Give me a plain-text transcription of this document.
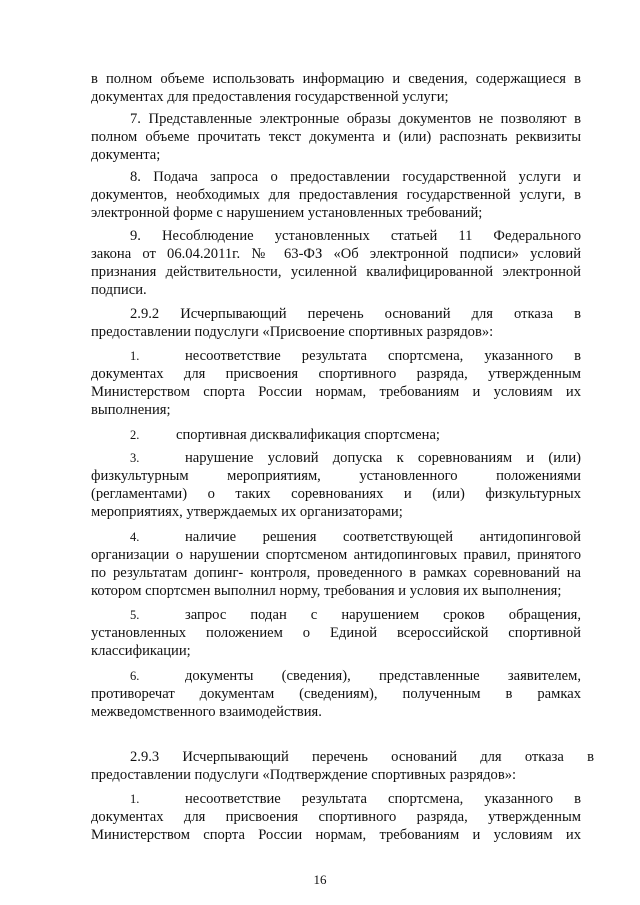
в полном объеме использовать информацию и сведения, содержащиеся в
документах для предоставления государственной услуги;
7. Представленные электронные образы документов не позволяют в
полном объеме прочитать текст документа и (или) распознать реквизиты
документа;
8. Подача запроса о предоставлении государственной услуги и
документов, необходимых для предоставления государственной услуги, в
электронной форме с нарушением установленных требований;
9. Несоблюдение установленных статьей 11 Федерального
закона от 06.04.2011г. № 63-ФЗ «Об электронной подписи» условий
признания действительности, усиленной квалифицированной электронной
подписи.
2.9.2 Исчерпывающий перечень оснований для отказа в
предоставлении подуслуги «Присвоение спортивных разрядов»:
1.	несоответствие результата спортсмена, указанного в
документах для присвоения спортивного разряда, утвержденным
Министерством спорта России нормам, требованиям и условиям их
выполнения;
2.	спортивная дисквалификация спортсмена;
3.	нарушение условий допуска к соревнованиям и (или)
физкультурным мероприятиям, установленного положениями
(регламентами) о таких соревнованиях и (или) физкультурных
мероприятиях, утверждаемых их организаторами;
4.	наличие решения соответствующей антидопинговой
организации о нарушении спортсменом антидопинговых правил, принятого
по результатам допинг- контроля, проведенного в рамках соревнований на
котором спортсмен выполнил норму, требования и условия их выполнения;
5.	запрос подан с нарушением сроков обращения,
установленных положением о Единой всероссийской спортивной
классификации;
6.	документы (сведения), представленные заявителем,
противоречат документам (сведениям), полученным в рамках
межведомственного взаимодействия.
2.9.3 Исчерпывающий перечень оснований для отказа в
предоставлении подуслуги «Подтверждение спортивных разрядов»:
1.	несоответствие результата спортсмена, указанного в
документах для присвоения спортивного разряда, утвержденным
Министерством спорта России нормам, требованиям и условиям их
16
